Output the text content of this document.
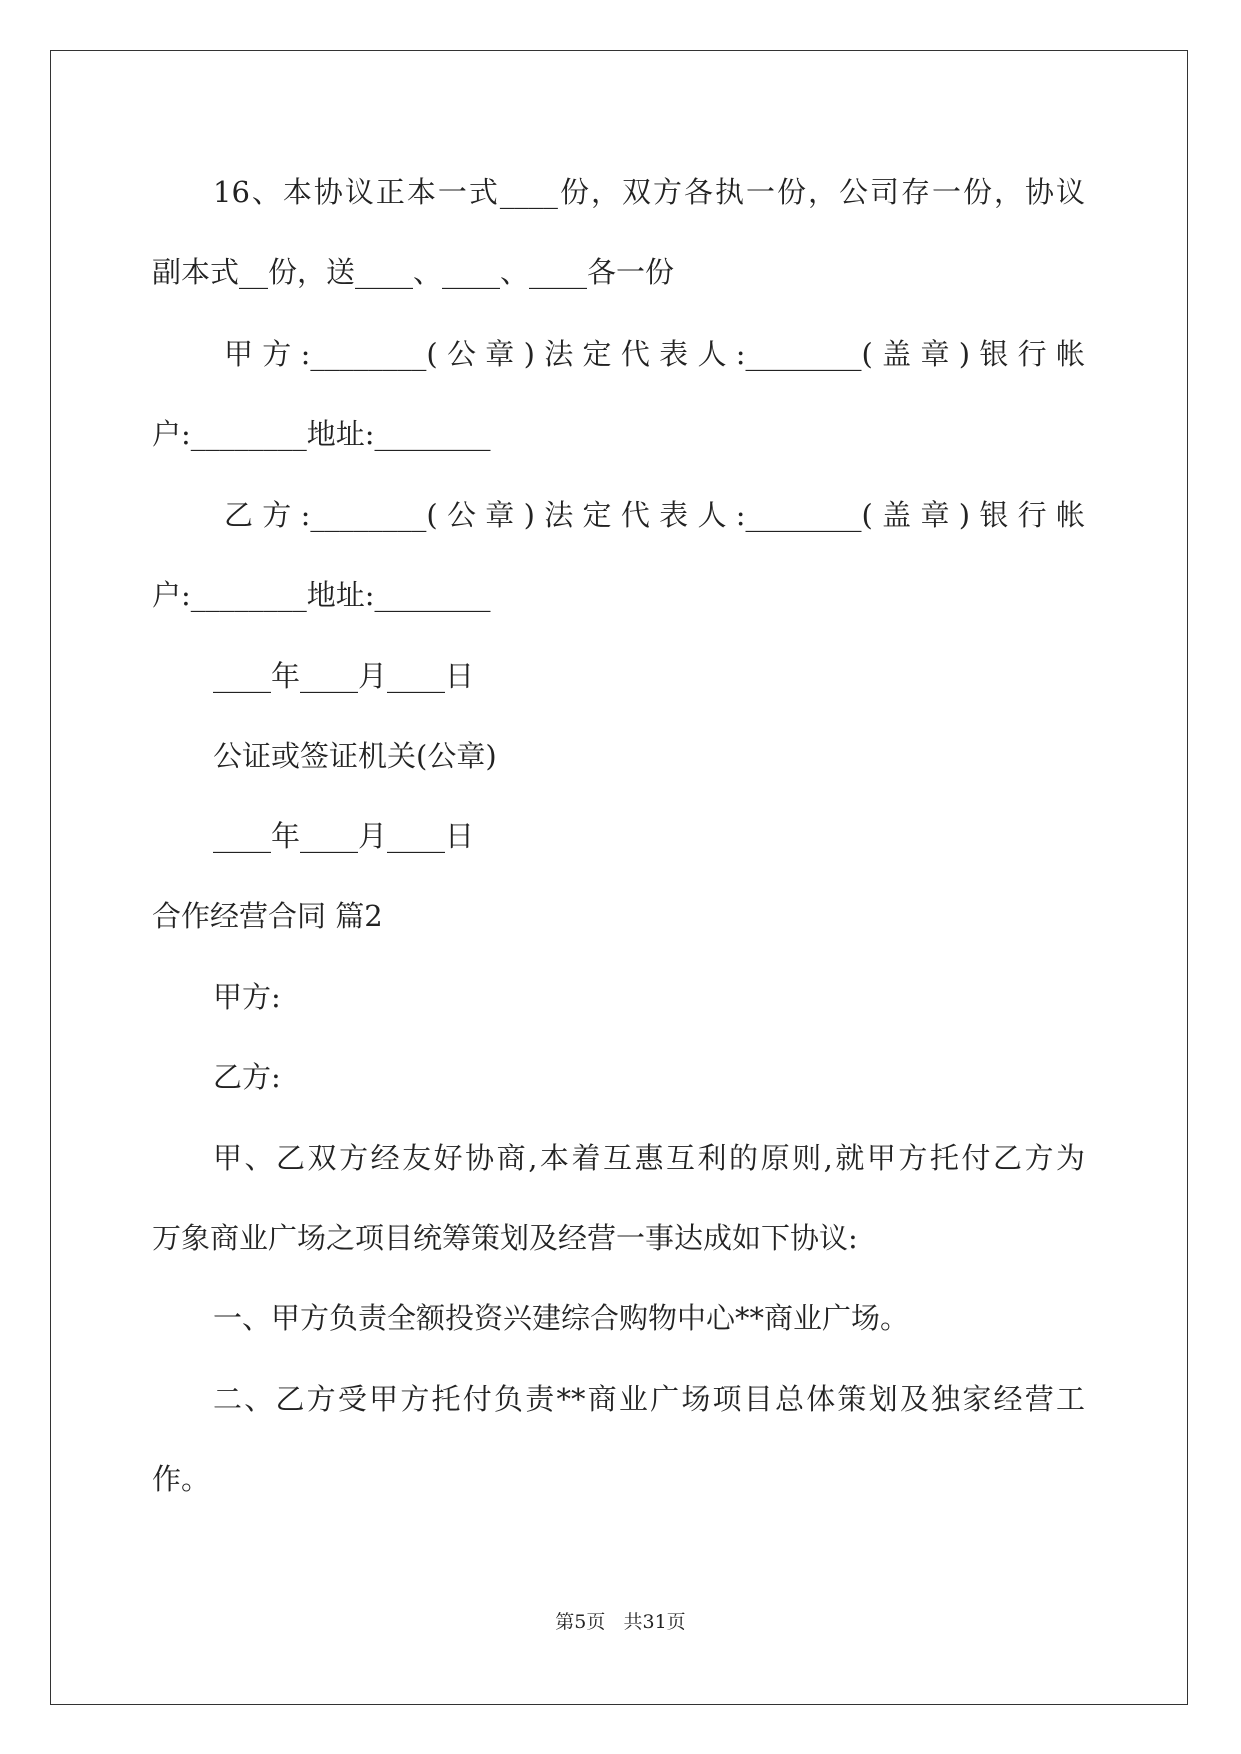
16、本协议正本一式____份，双方各执一份，公司存一份，协议
副本式__份，送____、____、____各一份
甲方:________(公章)法定代表人:________(盖章)银行帐
户:________地址:________
乙方:________(公章)法定代表人:________(盖章)银行帐
户:________地址:________
____年____月____日
公证或签证机关(公章)
____年____月____日
合作经营合同 篇2
甲方:
乙方:
甲、乙双方经友好协商,本着互惠互利的原则,就甲方托付乙方为
万象商业广场之项目统筹策划及经营一事达成如下协议:
一、甲方负责全额投资兴建综合购物中心**商业广场。
二、乙方受甲方托付负责**商业广场项目总体策划及独家经营工
作。
第5页   共31页
